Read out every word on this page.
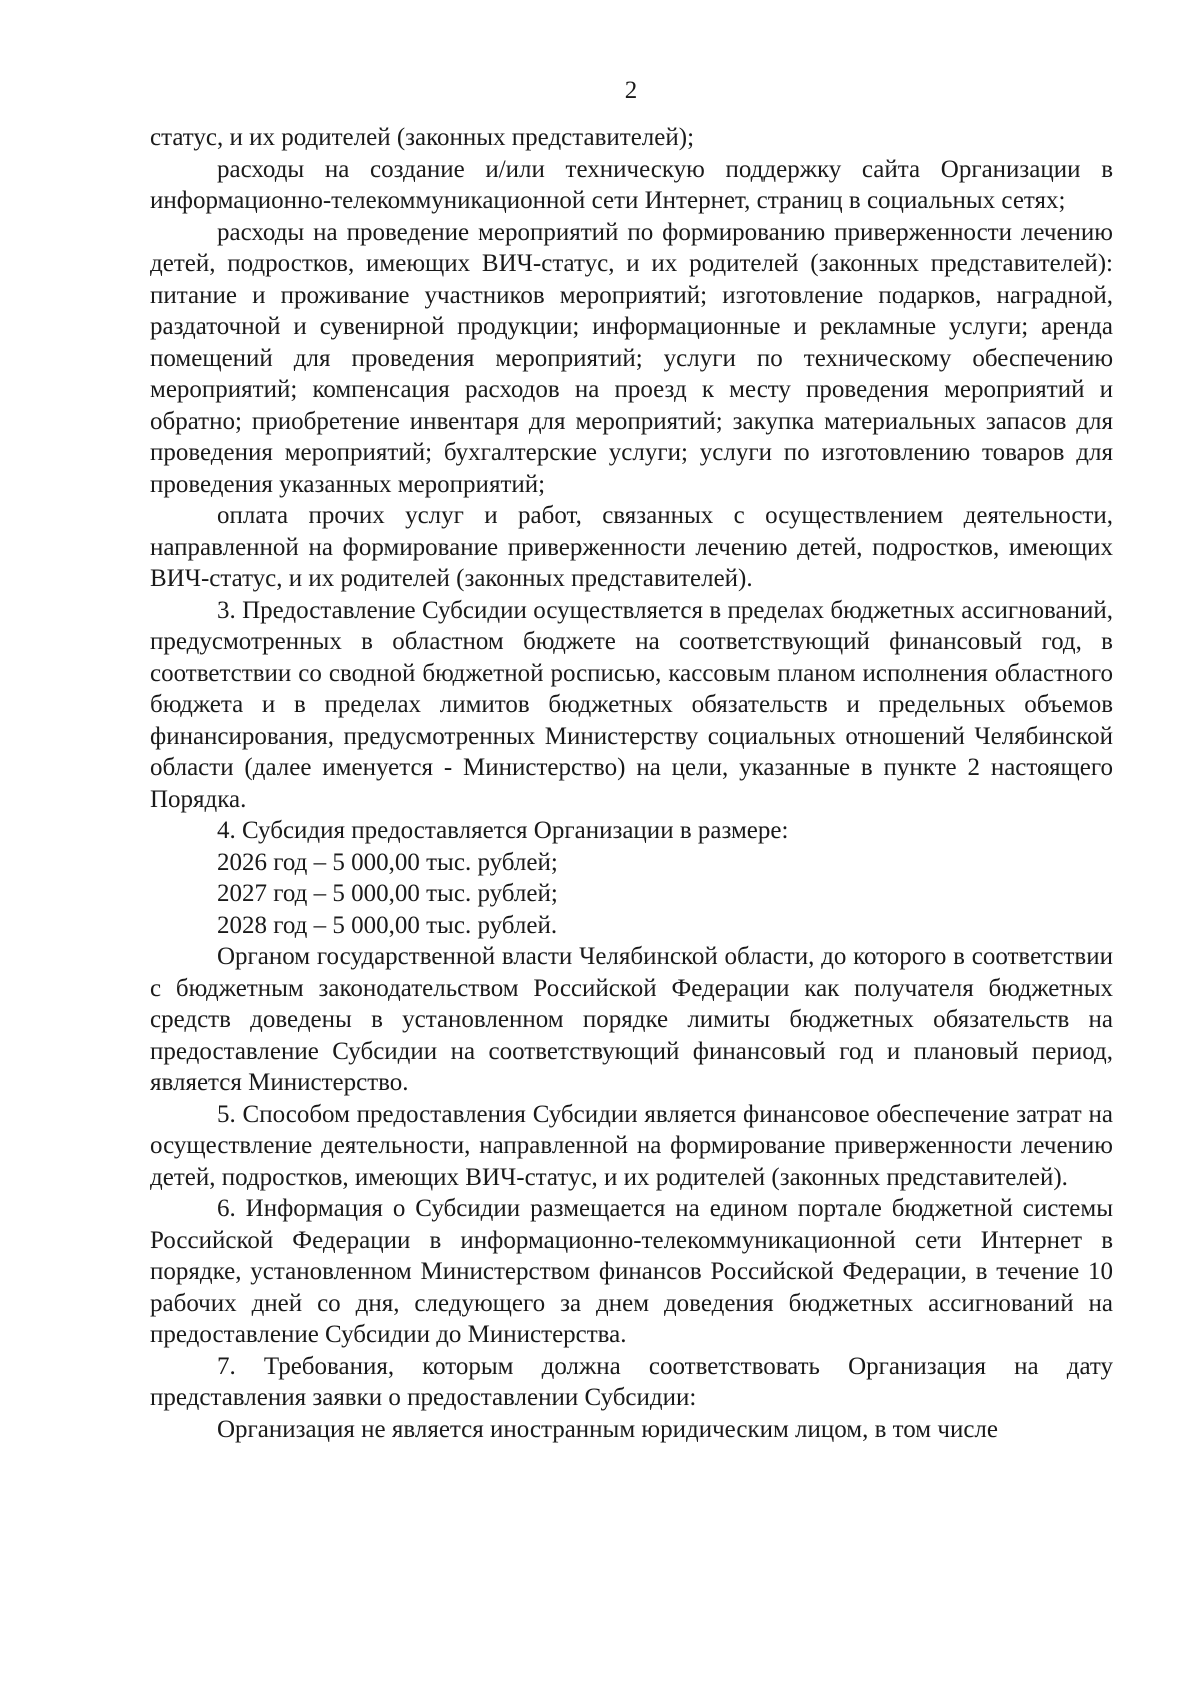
2

статус, и их родителей (законных представителей);

расходы на создание и/или техническую поддержку сайта Организации в информационно-телекоммуникационной сети Интернет, страниц в социальных сетях;

расходы на проведение мероприятий по формированию приверженности лечению детей, подростков, имеющих ВИЧ-статус, и их родителей (законных представителей): питание и проживание участников мероприятий; изготовление подарков, наградной, раздаточной и сувенирной продукции; информационные и рекламные услуги; аренда помещений для проведения мероприятий; услуги по техническому обеспечению мероприятий; компенсация расходов на проезд к месту проведения мероприятий и обратно; приобретение инвентаря для мероприятий; закупка материальных запасов для проведения мероприятий; бухгалтерские услуги; услуги по изготовлению товаров для проведения указанных мероприятий;

оплата прочих услуг и работ, связанных с осуществлением деятельности, направленной на формирование приверженности лечению детей, подростков, имеющих ВИЧ-статус, и их родителей (законных представителей).

3. Предоставление Субсидии осуществляется в пределах бюджетных ассигнований, предусмотренных в областном бюджете на соответствующий финансовый год, в соответствии со сводной бюджетной росписью, кассовым планом исполнения областного бюджета и в пределах лимитов бюджетных обязательств и предельных объемов финансирования, предусмотренных Министерству социальных отношений Челябинской области (далее именуется - Министерство) на цели, указанные в пункте 2 настоящего Порядка.

4. Субсидия предоставляется Организации в размере:

2026 год – 5 000,00 тыс. рублей;

2027 год – 5 000,00 тыс. рублей;

2028 год – 5 000,00 тыс. рублей.

Органом государственной власти Челябинской области, до которого в соответствии с бюджетным законодательством Российской Федерации как получателя бюджетных средств доведены в установленном порядке лимиты бюджетных обязательств на предоставление Субсидии на соответствующий финансовый год и плановый период, является Министерство.

5. Способом предоставления Субсидии является финансовое обеспечение затрат на осуществление деятельности, направленной на формирование приверженности лечению детей, подростков, имеющих ВИЧ-статус, и их родителей (законных представителей).

6. Информация о Субсидии размещается на едином портале бюджетной системы Российской Федерации в информационно-телекоммуникационной сети Интернет в порядке, установленном Министерством финансов Российской Федерации, в течение 10 рабочих дней со дня, следующего за днем доведения бюджетных ассигнований на предоставление Субсидии до Министерства.

7. Требования, которым должна соответствовать Организация на дату представления заявки о предоставлении Субсидии:

Организация не является иностранным юридическим лицом, в том числе
